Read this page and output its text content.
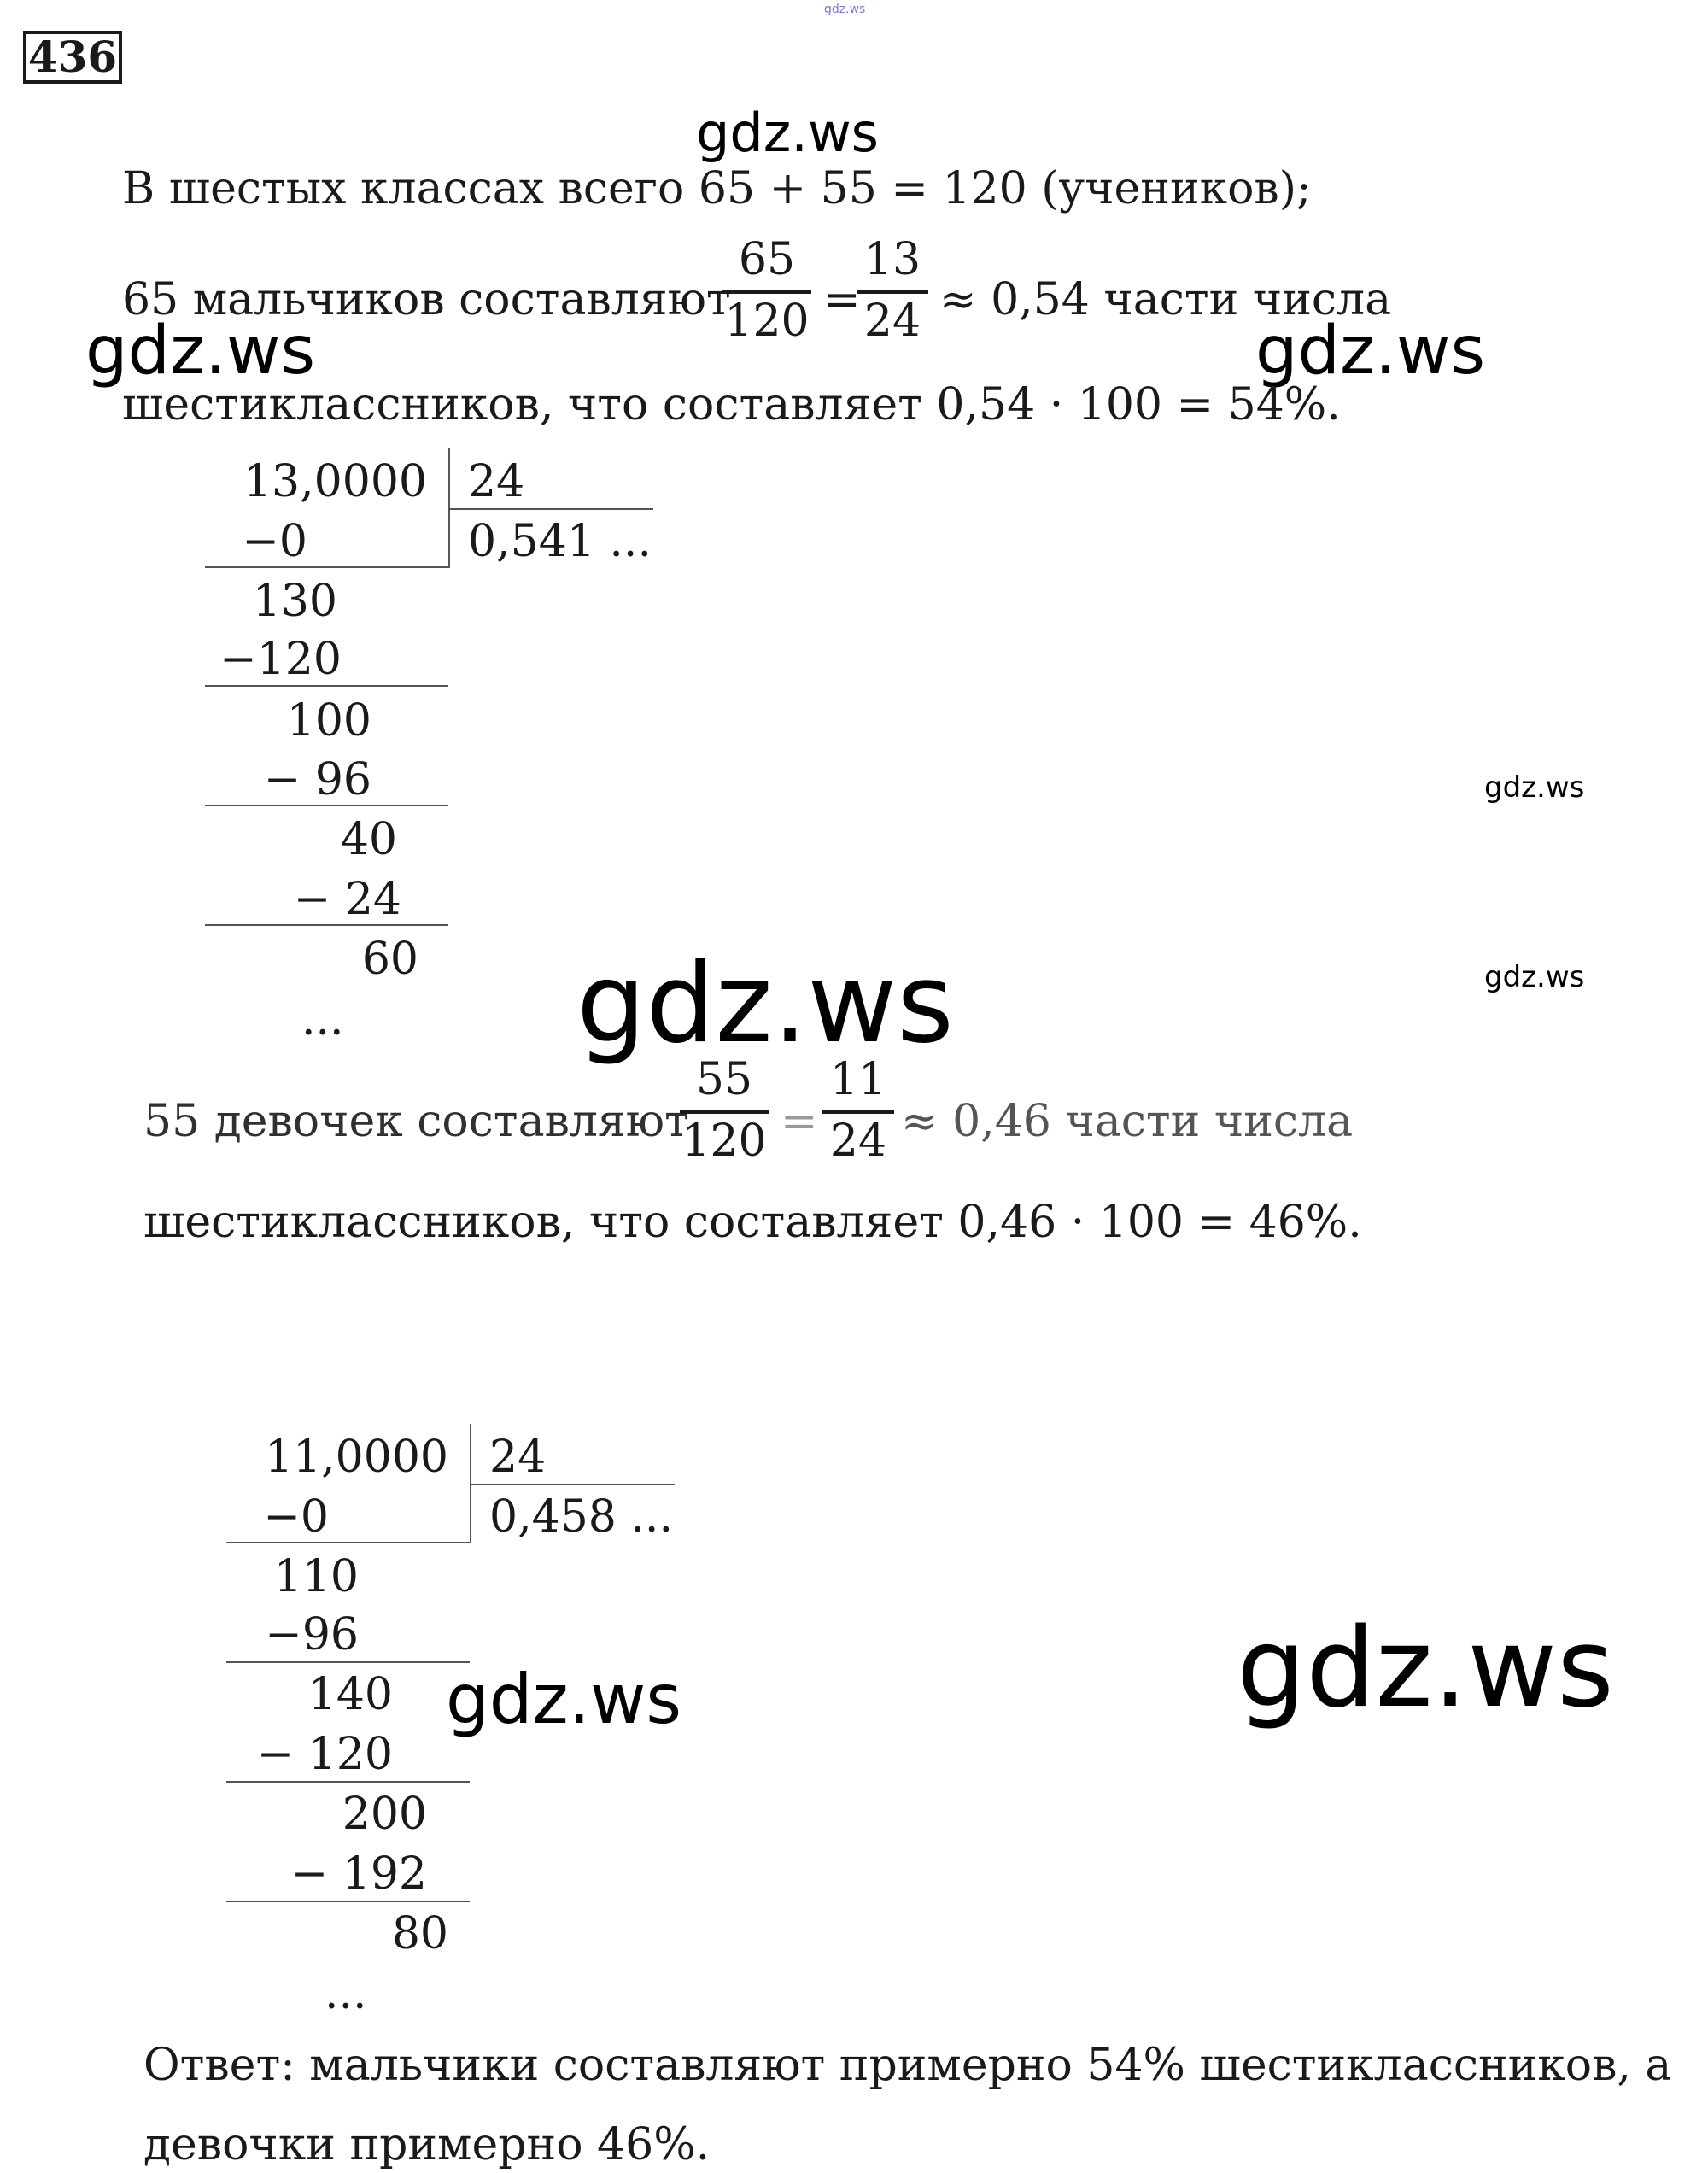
gdz.ws
436
gdz.ws
В шестых классах всего 65 + 55 = 120 (учеников);
65 мальчиков составляют
65
120 =
13
24 ≈ 0,54 части числа
gdz.ws	gdz.ws
шестиклассников, что составляет 0,54 · 100 = 54%.
13,0000 24
0,541 ...
−0
130
−120
100
− 96
40
− 24
60
...
gdz.ws
gdz.ws
gdz.ws
55 девочек составляют
55
120 =
11
24 ≈ 0,46 части числа
шестиклассников, что составляет 0,46 · 100 = 46%.
11,0000 24
0,458 ...
−0
110
−96
140
− 120
200
− 192
80
...
gdz.ws	gdz.ws
Ответ: мальчики составляют примерно 54% шестиклассников, а
девочки примерно 46%.
